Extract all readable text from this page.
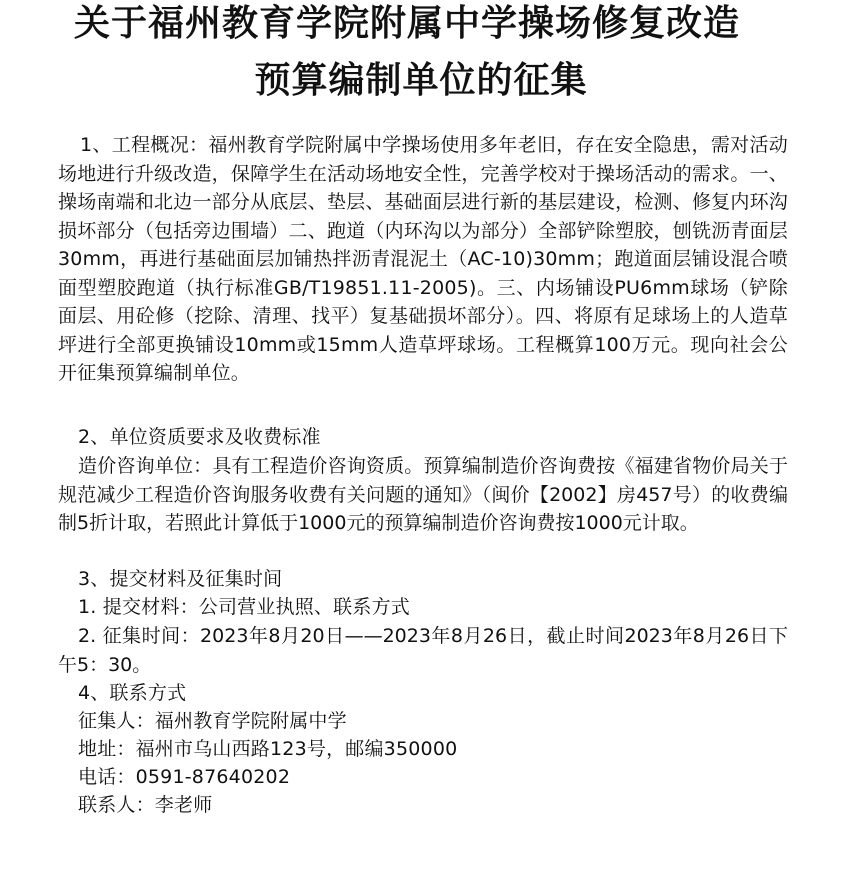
关于福州教育学院附属中学操场修复改造
预算编制单位的征集
1、工程概况：福州教育学院附属中学操场使用多年老旧，存在安全隐患，需对活动场地进行升级改造，保障学生在活动场地安全性，完善学校对于操场活动的需求。一、操场南端和北边一部分从底层、垫层、基础面层进行新的基层建设，检测、修复内环沟损坏部分（包括旁边围墙）二、跑道（内环沟以为部分）全部铲除塑胶，刨铣沥青面层30mm，再进行基础面层加铺热拌沥青混泥土（AC-10)30mm；跑道面层铺设混合喷面型塑胶跑道（执行标准GB/T19851.11-2005)。三、内场铺设PU6mm球场（铲除面层、用砼修（挖除、清理、找平）复基础损坏部分）。四、将原有足球场上的人造草坪进行全部更换铺设10mm或15mm人造草坪球场。工程概算100万元。现向社会公开征集预算编制单位。
2、单位资质要求及收费标准
造价咨询单位：具有工程造价咨询资质。预算编制造价咨询费按《福建省物价局关于规范减少工程造价咨询服务收费有关问题的通知》（闽价【2002】房457号）的收费编制5折计取，若照此计算低于1000元的预算编制造价咨询费按1000元计取。
3、提交材料及征集时间
1. 提交材料：公司营业执照、联系方式
2. 征集时间：2023年8月20日——2023年8月26日，截止时间2023年8月26日下午5：30。
4、联系方式
征集人：福州教育学院附属中学
地址：福州市乌山西路123号，邮编350000
电话：0591-87640202
联系人：李老师
